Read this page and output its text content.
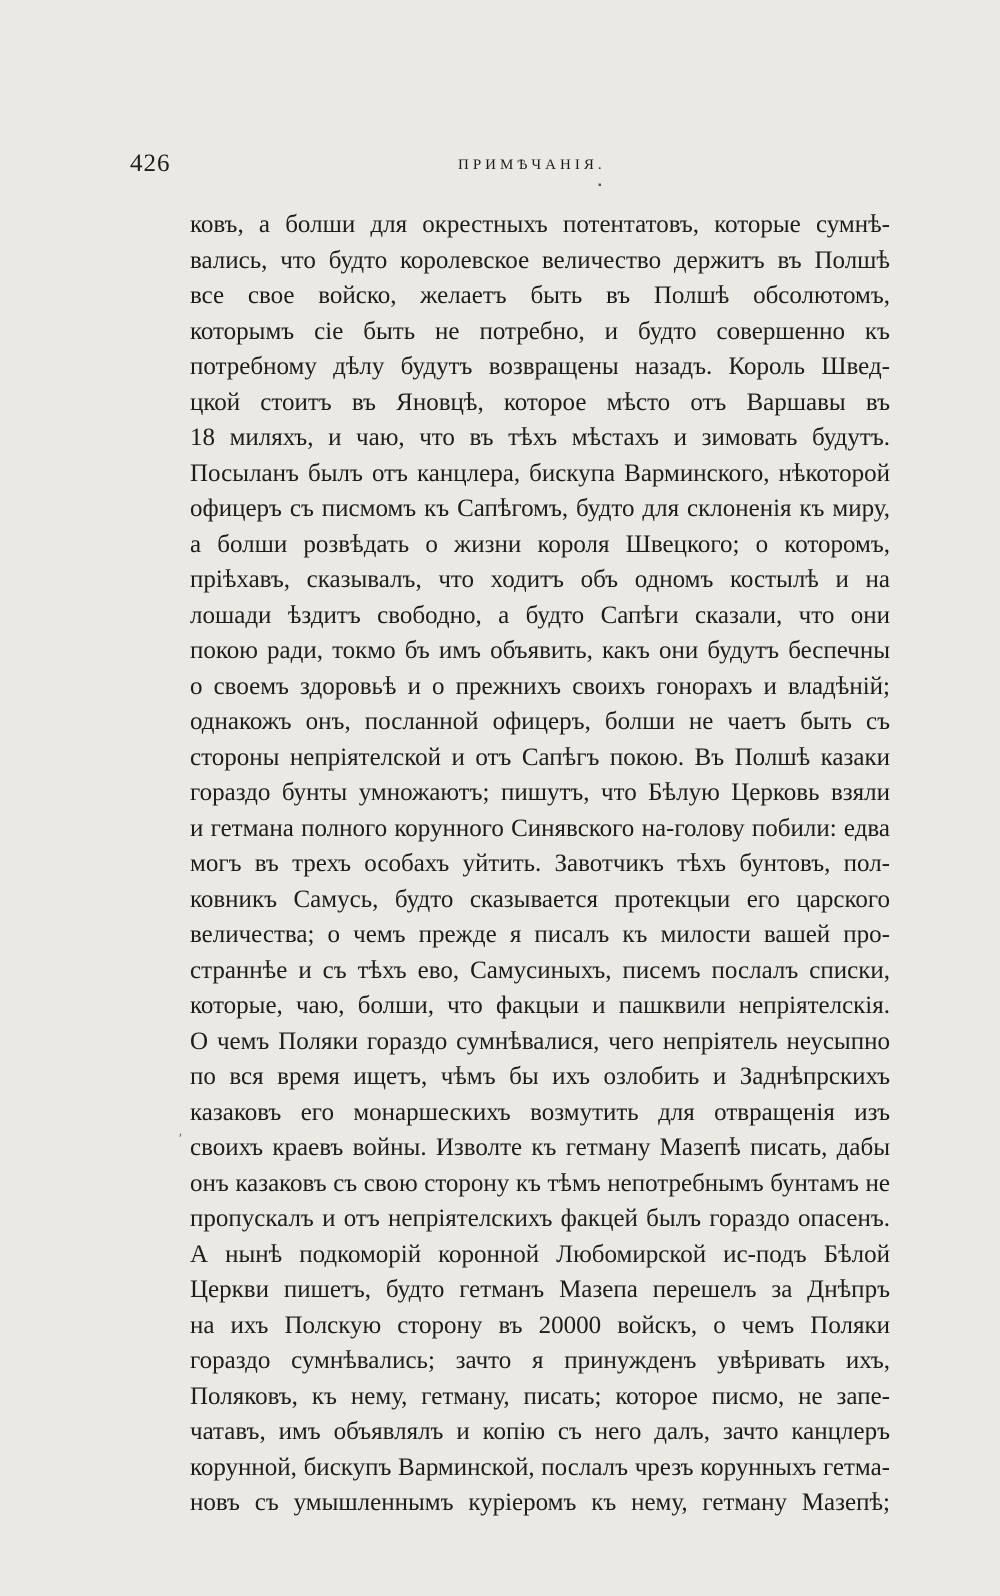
426	ПРИМѢЧАНIЯ.
▪
ʹ
ковъ, а болши для окрестныхъ потентатовъ, которые сумнѣ-
вались, что будто королевское величество держитъ въ Полшѣ
все свое войско, желаетъ быть въ Полшѣ обсолютомъ,
которымъ сiе быть не потребно, и будто совершенно къ
потребному дѣлу будутъ возвращены назадъ. Король Швед-
цкой стоитъ въ Яновцѣ, которое мѣсто отъ Варшавы въ
18 миляхъ, и чаю, что въ тѣхъ мѣстахъ и зимовать будутъ.
Посыланъ былъ отъ канцлера, бискупа Варминского, нѣкоторой
офицеръ съ писмомъ къ Сапѣгомъ, будто для склоненiя къ миру,
а болши розвѣдать о жизни короля Швецкого; о которомъ,
прiѣхавъ, сказывалъ, что ходитъ объ одномъ костылѣ и на
лошади ѣздитъ свободно, а будто Сапѣги сказали, что они
покою ради, токмо бъ имъ объявить, какъ они будутъ беспечны
о своемъ здоровьѣ и о прежнихъ своихъ гонорахъ и владѣнiй;
однакожъ онъ, посланной офицеръ, болши не чаетъ быть съ
стороны непрiятелской и отъ Сапѣгъ покою. Въ Полшѣ казаки
гораздо бунты умножаютъ; пишутъ, что Бѣлую Церковь взяли
и гетмана полного корунного Синявского на-голову побили: едва
могъ въ трехъ особахъ уйтить. Завотчикъ тѣхъ бунтовъ, пол-
ковникъ Самусь, будто сказывается протекцыи его царского
величества; о чемъ прежде я писалъ къ милости вашей про-
страннѣе и съ тѣхъ ево, Самусиныхъ, писемъ послалъ списки,
которые, чаю, болши, что факцыи и пашквили непрiятелскiя.
О чемъ Поляки гораздо сумнѣвалися, чего непрiятель неусыпно
по вся время ищетъ, чѣмъ бы ихъ озлобить и Заднѣпрскихъ
казаковъ его монаршескихъ возмутить для отвращенiя изъ
своихъ краевъ войны. Изволте къ гетману Мазепѣ писать, дабы
онъ казаковъ съ свою сторону къ тѣмъ непотребнымъ бунтамъ не
пропускалъ и отъ непрiятелскихъ факцей былъ гораздо опасенъ.
А нынѣ подкоморiй коронной Любомирской ис-подъ Бѣлой
Церкви пишетъ, будто гетманъ Мазепа перешелъ за Днѣпръ
на ихъ Полскую сторону въ 20000 войскъ, о чемъ Поляки
гораздо сумнѣвались; зачто я принужденъ увѣривать ихъ,
Поляковъ, къ нему, гетману, писать; которое писмо, не запе-
чатавъ, имъ объявлялъ и копiю съ него далъ, зачто канцлеръ
корунной, бискупъ Варминской, послалъ чрезъ корунныхъ гетма-
новъ съ умышленнымъ курiеромъ къ нему, гетману Мазепѣ;
